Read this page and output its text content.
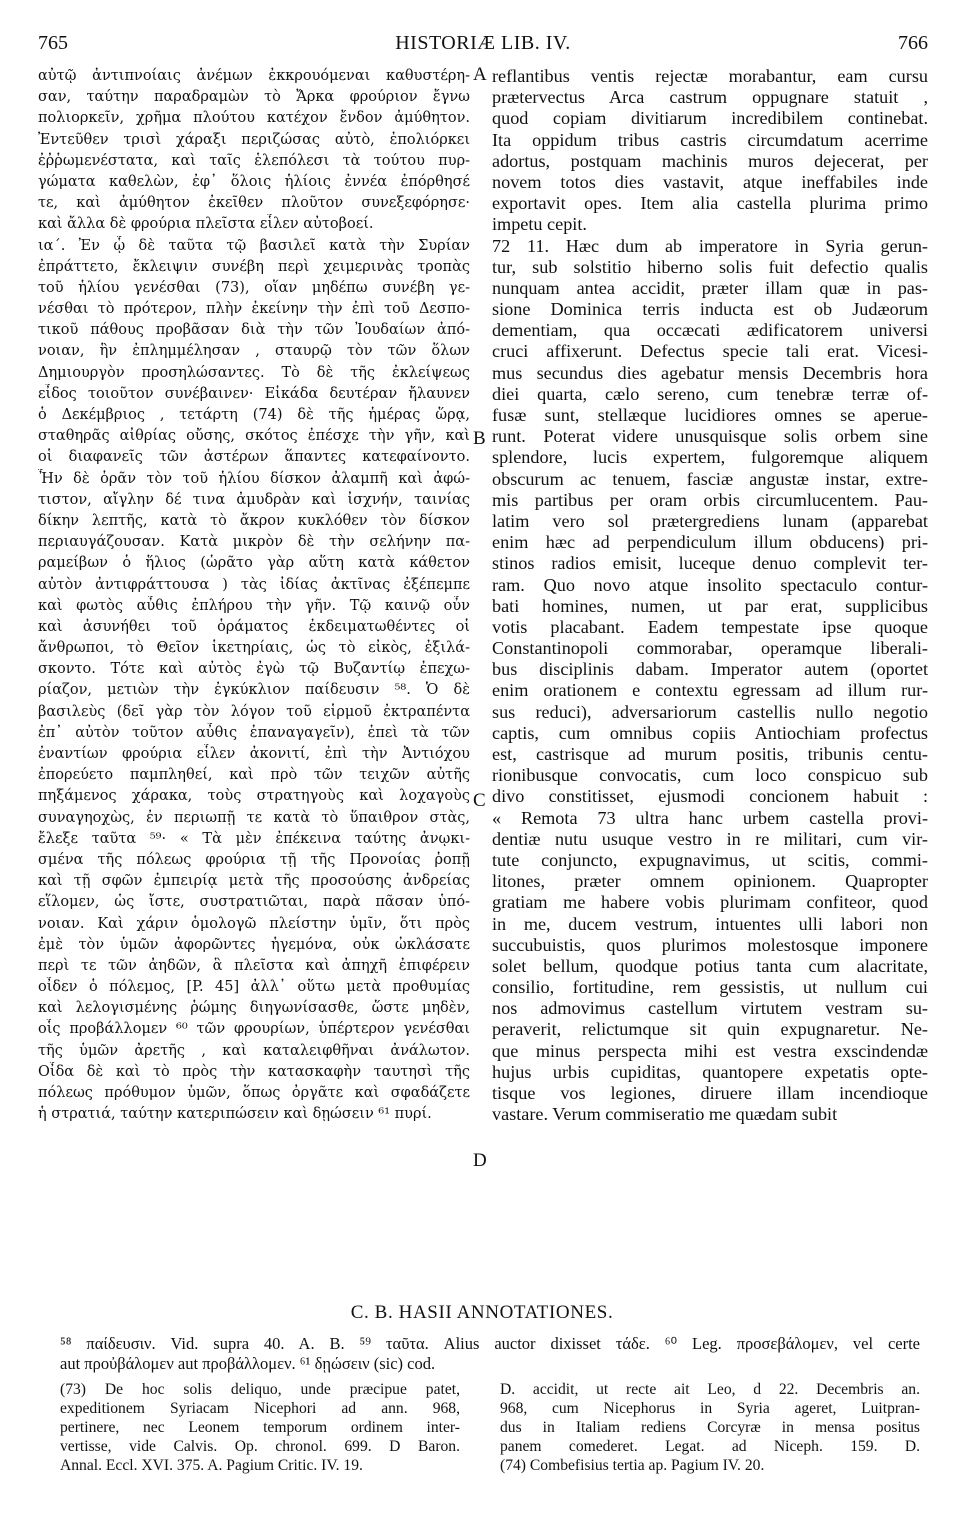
765	HISTORIÆ LIB. IV.	766
αὐτῷ ἀντιπνοίαις ἀνέμων ἐκκρουόμεναι καθυστέρη-
σαν, ταύτην παραδραμὼν τὸ Ἄρκα φρούριον ἔγνω
πολιορκεῖν, χρῆμα πλούτου κατέχον ἔνδον ἀμύθητον.
Ἐντεῦθεν τρισὶ χάραξι περιζώσας αὐτὸ, ἐπολιόρκει
ἐῤῥωμενέστατα, καὶ ταῖς ἑλεπόλεσι τὰ τούτου πυρ-
γώματα καθελὼν, ἐφ᾽ ὅλοις ἡλίοις ἐννέα ἐπόρθησέ
τε, καὶ ἀμύθητον ἐκεῖθεν πλοῦτον συνεξεφόρησε·
καὶ ἄλλα δὲ φρούρια πλεῖστα εἷλεν αὐτοβοεί.
ια΄. Ἐν ᾧ δὲ ταῦτα τῷ βασιλεῖ κατὰ τὴν Συρίαν
ἐπράττετο, ἔκλειψιν συνέβη περὶ χειμερινὰς τροπὰς
τοῦ ἡλίου γενέσθαι (73), οἵαν μηδέπω συνέβη γε-
νέσθαι τὸ πρότερον, πλὴν ἐκείνην τὴν ἐπὶ τοῦ Δεσπο-
τικοῦ πάθους προβᾶσαν διὰ τὴν τῶν Ἰουδαίων ἀπό-
νοιαν, ἣν ἐπλημμέλησαν , σταυρῷ τὸν τῶν ὅλων
Δημιουργὸν προσηλώσαντες. Τὸ δὲ τῆς ἐκλείψεως
εἶδος τοιοῦτον συνέβαινεν· Εἰκάδα δευτέραν ἤλαυνεν
ὁ Δεκέμβριος , τετάρτη (74) δὲ τῆς ἡμέρας ὥρᾳ,
σταθηρᾶς αἰθρίας οὔσης, σκότος ἐπέσχε τὴν γῆν, καὶ
οἱ διαφανεῖς τῶν ἀστέρων ἅπαντες κατεφαίνοντο.
Ἦν δὲ ὁρᾶν τὸν τοῦ ἡλίου δίσκον ἀλαμπῆ καὶ ἀφώ-
τιστον, αἴγλην δέ τινα ἀμυδρὰν καὶ ἰσχνήν, ταινίας
δίκην λεπτῆς, κατὰ τὸ ἄκρον κυκλόθεν τὸν δίσκον
περιαυγάζουσαν. Κατὰ μικρὸν δὲ τὴν σελήνην πα-
ραμείβων ὁ ἥλιος (ὡρᾶτο γὰρ αὕτη κατὰ κάθετον
αὐτὸν ἀντιφράττουσα ) τὰς ἰδίας ἀκτῖνας ἐξέπεμπε
καὶ φωτὸς αὖθις ἐπλήρου τὴν γῆν. Τῷ καινῷ οὖν
καὶ ἀσυνήθει τοῦ ὁράματος ἐκδειματωθέντες οἱ
ἄνθρωποι, τὸ Θεῖον ἱκετηρίαις, ὡς τὸ εἰκὸς, ἐξιλά-
σκοντο. Τότε καὶ αὐτὸς ἐγὼ τῷ Βυζαντίῳ ἐπεχω-
ρίαζον, μετιὼν τὴν ἐγκύκλιον παίδευσιν ⁵⁸. Ὁ δὲ
βασιλεὺς (δεῖ γὰρ τὸν λόγον τοῦ εἱρμοῦ ἐκτραπέντα
ἐπ᾽ αὐτὸν τοῦτον αὖθις ἐπαναγαγεῖν), ἐπεὶ τὰ τῶν
ἐναντίων φρούρια εἷλεν ἀκονιτί, ἐπὶ τὴν Ἀντιόχου
ἐπορεύετο παμπληθεί, καὶ πρὸ τῶν τειχῶν αὐτῆς
πηξάμενος χάρακα, τοὺς στρατηγοὺς καὶ λοχαγοὺς
συναγηοχὼς, ἐν περιωπῇ τε κατὰ τὸ ὕπαιθρον στὰς,
ἔλεξε ταῦτα ⁵⁹· « Τὰ μὲν ἐπέκεινα ταύτης ἀνῳκι-
σμένα τῆς πόλεως φρούρια τῇ τῆς Προνοίας ῥοπῇ
καὶ τῇ σφῶν ἐμπειρίᾳ μετὰ τῆς προσούσης ἀνδρείας
εἵλομεν, ὡς ἴστε, συστρατιῶται, παρὰ πᾶσαν ὑπό-
νοιαν. Καὶ χάριν ὁμολογῶ πλείστην ὑμῖν, ὅτι πρὸς
ἐμὲ τὸν ὑμῶν ἀφορῶντες ἡγεμόνα, οὐκ ὠκλάσατε
περὶ τε τῶν ἀηδῶν, ἃ πλεῖστα καὶ ἀπηχῆ ἐπιφέρειν
οἶδεν ὁ πόλεμος, [P. 45] ἀλλ᾽ οὕτω μετὰ προθυμίας
καὶ λελογισμένης ῥώμης διηγωνίσασθε, ὥστε μηδὲν,
οἷς προβάλλομεν ⁶⁰ τῶν φρουρίων, ὑπέρτερον γενέσθαι
τῆς ὑμῶν ἀρετῆς , καὶ καταλειφθῆναι ἀνάλωτον.
Οἶδα δὲ καὶ τὸ πρὸς τὴν κατασκαφὴν ταυτησὶ τῆς
πόλεως πρόθυμον ὑμῶν, ὅπως ὀργᾶτε καὶ σφαδάζετε
ἡ στρατιά, ταύτην κατεριπώσειν καὶ δῃώσειν ⁶¹ πυρί.
reflantibus ventis rejectæ morabantur, eam cursu
prætervectus Arca castrum oppugnare statuit ,
quod copiam divitiarum incredibilem continebat.
Ita oppidum tribus castris circumdatum acerrime
adortus, postquam machinis muros dejecerat, per
novem totos dies vastavit, atque ineffabiles inde
exportavit opes. Item alia castella plurima primo
impetu cepit.
72 11. Hæc dum ab imperatore in Syria gerun-
tur, sub solstitio hiberno solis fuit defectio qualis
nunquam antea accidit, præter illam quæ in pas-
sione Dominica terris inducta est ob Judæorum
dementiam, qua occæcati ædificatorem universi
cruci affixerunt. Defectus specie tali erat. Vicesi-
mus secundus dies agebatur mensis Decembris hora
diei quarta, cælo sereno, cum tenebræ terræ of-
fusæ sunt, stellæque lucidiores omnes se aperue-
runt. Poterat videre unusquisque solis orbem sine
splendore, lucis expertem, fulgoremque aliquem
obscurum ac tenuem, fasciæ angustæ instar, extre-
mis partibus per oram orbis circumlucentem. Pau-
latim vero sol prætergrediens lunam (apparebat
enim hæc ad perpendiculum illum obducens) pri-
stinos radios emisit, luceque denuo complevit ter-
ram. Quo novo atque insolito spectaculo contur-
bati homines, numen, ut par erat, supplicibus
votis placabant. Eadem tempestate ipse quoque
Constantinopoli commorabar, operamque liberali-
bus disciplinis dabam. Imperator autem (oportet
enim orationem e contextu egressam ad illum rur-
sus reduci), adversariorum castellis nullo negotio
captis, cum omnibus copiis Antiochiam profectus
est, castrisque ad murum positis, tribunis centu-
rionibusque convocatis, cum loco conspicuo sub
divo constitisset, ejusmodi concionem habuit :
« Remota 73 ultra hanc urbem castella provi-
dentiæ nutu usuque vestro in re militari, cum vir-
tute conjuncto, expugnavimus, ut scitis, commi-
litones, præter omnem opinionem. Quapropter
gratiam me habere vobis plurimam confiteor, quod
in me, ducem vestrum, intuentes ulli labori non
succubuistis, quos plurimos molestosque imponere
solet bellum, quodque potius tanta cum alacritate,
consilio, fortitudine, rem gessistis, ut nullum cui
nos admovimus castellum virtutem vestram su-
peraverit, relictumque sit quin expugnaretur. Ne-
que minus perspecta mihi est vestra exscindendæ
hujus urbis cupiditas, quantopere expetatis opte-
tisque vos legiones, diruere illam incendioque
vastare. Verum commiseratio me quædam subit
A
B
C
D
C. B. HASII ANNOTATIONES.
⁵⁸ παίδευσιν. Vid. supra 40. A. B. ⁵⁹ ταῦτα. Alius auctor dixisset τάδε. ⁶⁰ Leg. προσεβάλομεν, vel certe
aut προὐβάλομεν aut προβάλλομεν. ⁶¹ δῃώσειν (sic) cod.
(73) De hoc solis deliquo, unde præcipue patet,
expeditionem Syriacam Nicephori ad ann. 968,
pertinere, nec Leonem temporum ordinem inter-
vertisse, vide Calvis. Op. chronol. 699. D Baron.
Annal. Eccl. XVI. 375. A. Pagium Critic. IV. 19.
D. accidit, ut recte ait Leo, d 22. Decembris an.
968, cum Nicephorus in Syria ageret, Luitpran-
dus in Italiam rediens Corcyræ in mensa positus
panem comederet. Legat. ad Niceph. 159. D.
(74) Combefisius tertia ap. Pagium IV. 20.
